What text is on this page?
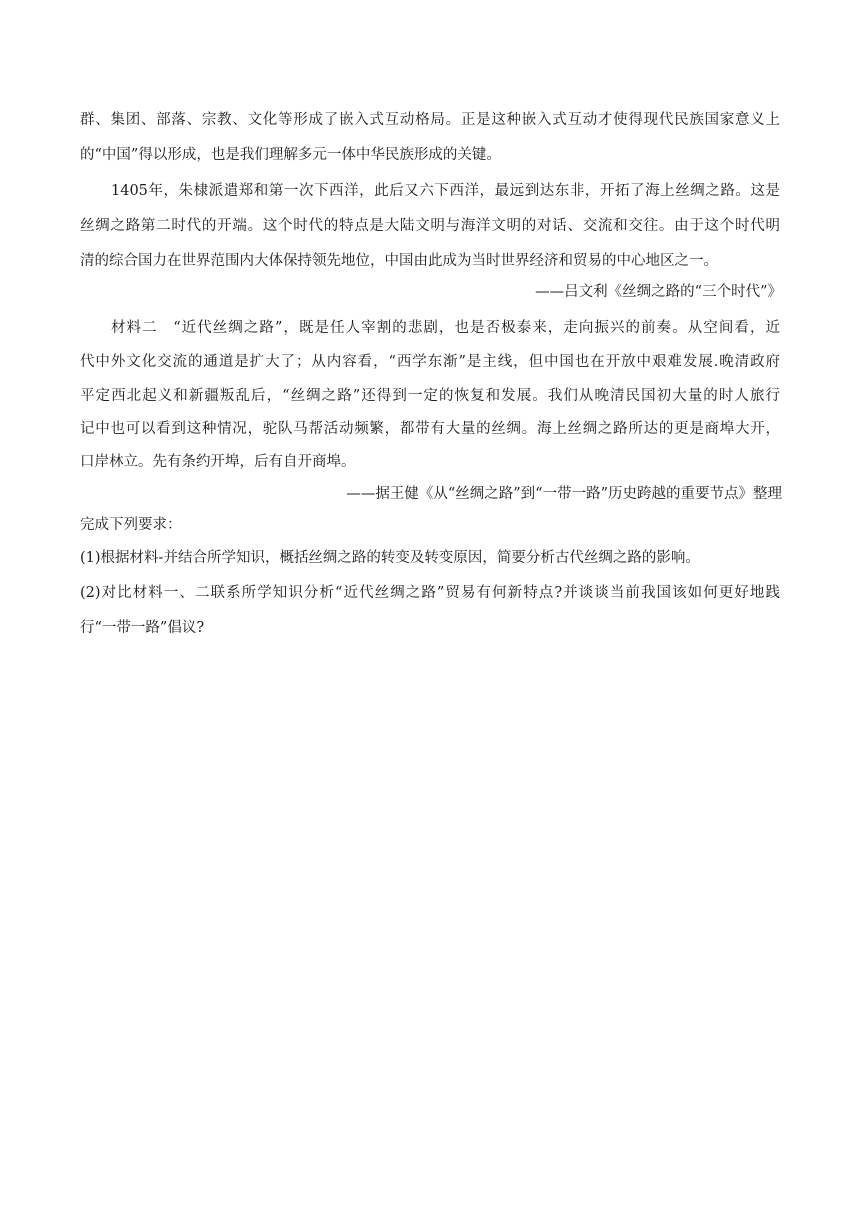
群、集团、部落、宗教、文化等形成了嵌入式互动格局。正是这种嵌入式互动才使得现代民族国家意义上
的“中国”得以形成，也是我们理解多元一体中华民族形成的关键。
1405年，朱棣派遣郑和第一次下西洋，此后又六下西洋，最远到达东非，开拓了海上丝绸之路。这是
丝绸之路第二时代的开端。这个时代的特点是大陆文明与海洋文明的对话、交流和交往。由于这个时代明
清的综合国力在世界范围内大体保持领先地位，中国由此成为当时世界经济和贸易的中心地区之一。
——吕文利《丝绸之路的“三个时代”》
材料二　“近代丝绸之路”，既是任人宰割的悲剧，也是否极泰来，走向振兴的前奏。从空间看，近
代中外文化交流的通道是扩大了；从内容看，“西学东渐”是主线，但中国也在开放中艰难发展.晚清政府
平定西北起义和新疆叛乱后，“丝绸之路”还得到一定的恢复和发展。我们从晚清民国初大量的时人旅行
记中也可以看到这种情况，驼队马帮活动频繁，都带有大量的丝绸。海上丝绸之路所达的更是商埠大开，
口岸林立。先有条约开埠，后有自开商埠。
——据王健《从“丝绸之路”到“一带一路”历史跨越的重要节点》整理
完成下列要求：
(1)根据材料-并结合所学知识，概括丝绸之路的转变及转变原因，简要分析古代丝绸之路的影响。
(2)对比材料一、二联系所学知识分析“近代丝绸之路”贸易有何新特点?并谈谈当前我国该如何更好地践
行“一带一路”倡议?
